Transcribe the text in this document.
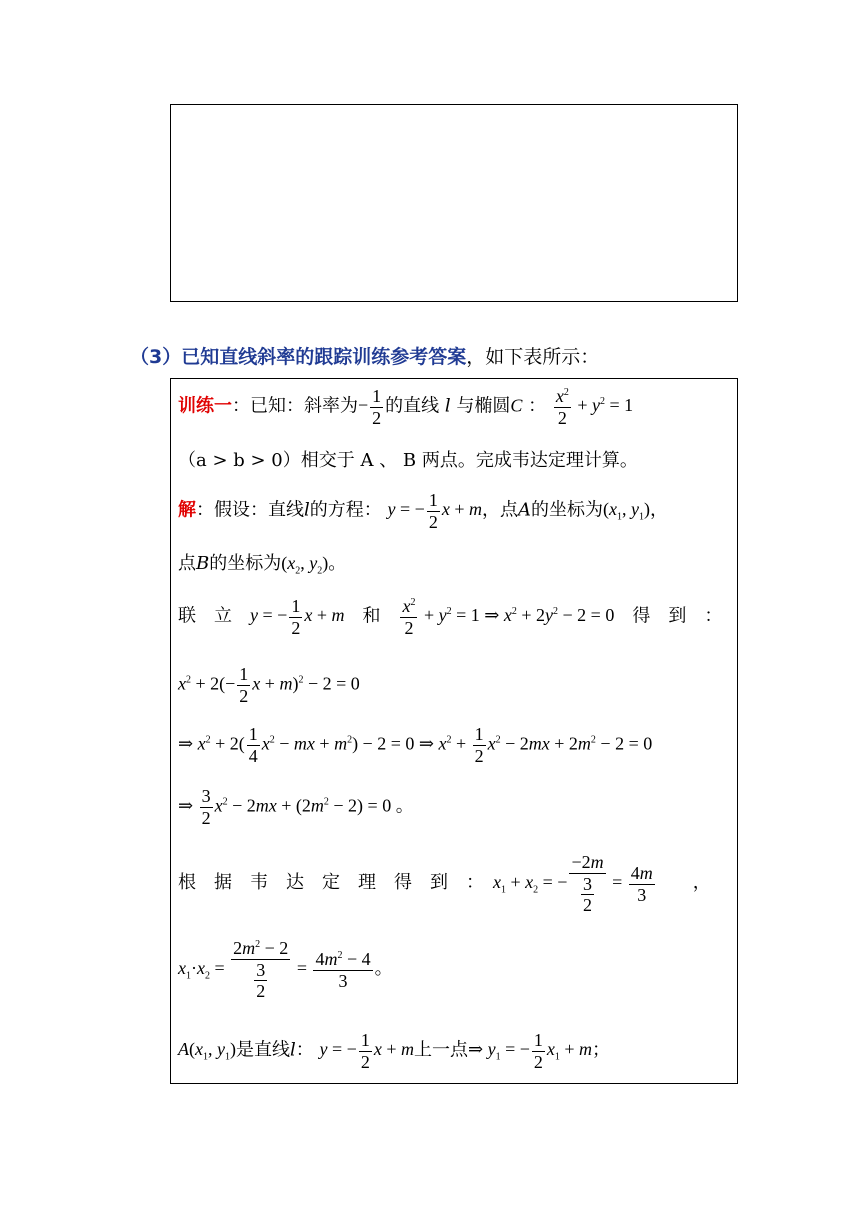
（3）已知直线斜率的跟踪训练参考答案，如下表所示：
训练一：已知：斜率为− $\frac{1}{2}$ 的直线 l 与椭圆C ： $\frac{x^2}{2} + y^2 = 1$
（a > b > 0）相交于 A 、 B 两点。完成韦达定理计算。
解：假设：直线l的方程： y = − $\frac{1}{2}$ x + m，点A的坐标为($x_1$, $y_1$)，
点B的坐标为($x_2$, $y_2$)。
联　立　 y = − $\frac{1}{2}$ x + m　 和　 $\frac{x^2}{2} + y^2 = 1$ ⇒ $x^2 + 2y^2 - 2 = 0$　 得　到　：
$x^2 + 2(- \frac{1}{2}$ $x + m)^2 - 2 = 0$
⇒ $x^2 + 2( \frac{1}{4} x^2$ − mx + $m^2) - 2 = 0$ ⇒ $x^2 + \frac{1}{2} x^2 - 2mx + 2m^2 - 2 = 0$
⇒ $\frac{3}{2} x^2 - 2mx + (2m^2 - 2) = 0$ 。
根　据　韦　达　定　理　得　到　：　 $x_1 + x_2$ = − $\frac{-2m}{\frac{3}{2}} = \frac{4m}{3}$
　　 ，
$x_1\cdot x_2 = \frac{2m^2 - 2}{\frac{3}{2}} = \frac{4m^2 - 4}{3}$ 。
$A(x_1$, $y_1$)是直线l： y = − $\frac{1}{2}$ x + m上一点⇒ $y_1$ = − $\frac{1}{2} x_1 + m$；
